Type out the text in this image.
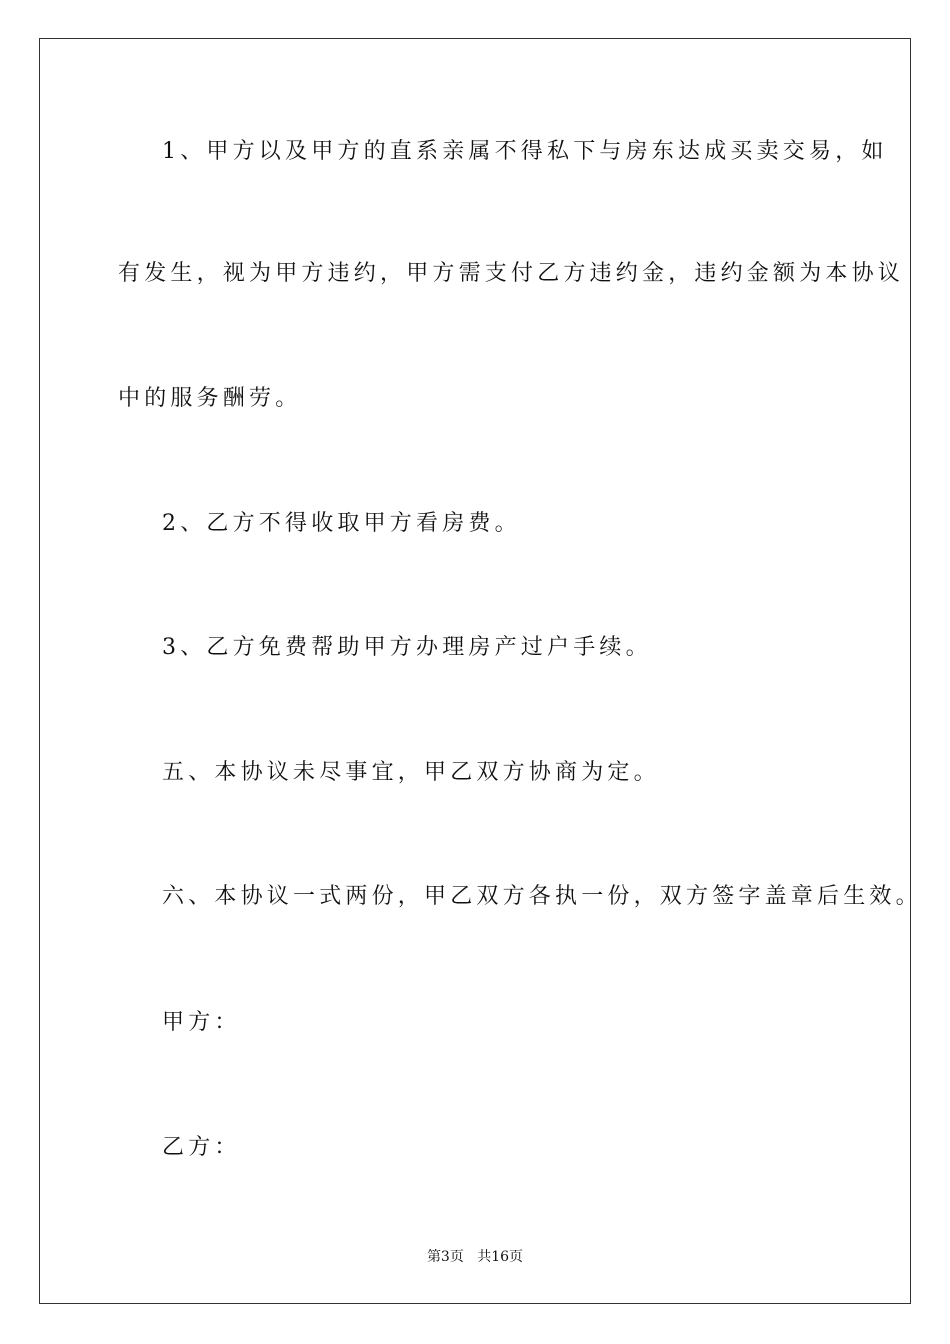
1、甲方以及甲方的直系亲属不得私下与房东达成买卖交易，如
有发生，视为甲方违约，甲方需支付乙方违约金，违约金额为本协议
中的服务酬劳。
2、乙方不得收取甲方看房费。
3、乙方免费帮助甲方办理房产过户手续。
五、本协议未尽事宜，甲乙双方协商为定。
六、本协议一式两份，甲乙双方各执一份，双方签字盖章后生效。
甲方：
乙方：
第3页 共16页
